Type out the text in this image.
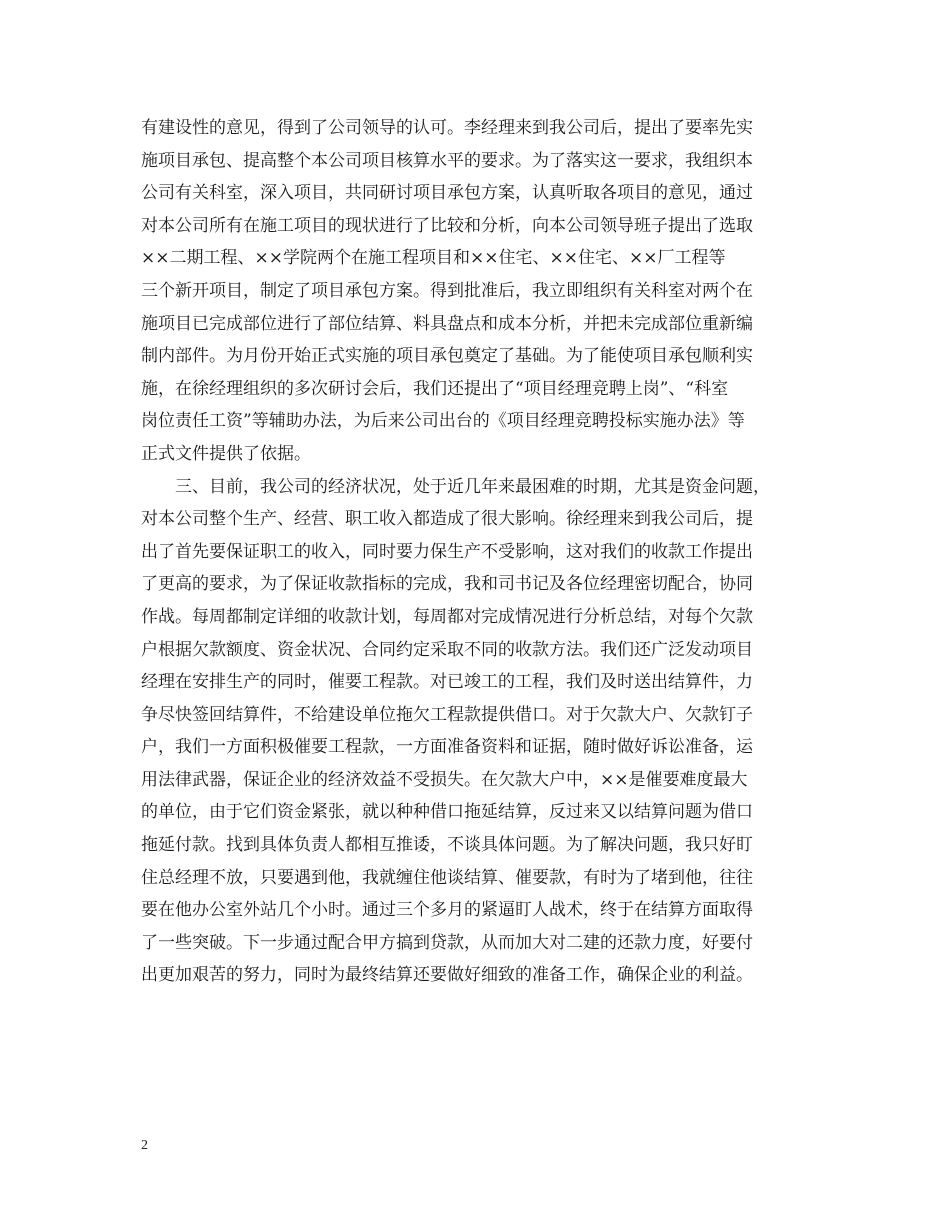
有建设性的意见，得到了公司领导的认可。李经理来到我公司后，提出了要率先实
施项目承包、提高整个本公司项目核算水平的要求。为了落实这一要求，我组织本
公司有关科室，深入项目，共同研讨项目承包方案，认真听取各项目的意见，通过
对本公司所有在施工项目的现状进行了比较和分析，向本公司领导班子提出了选取
××二期工程、××学院两个在施工程项目和××住宅、××住宅、××厂工程等
三个新开项目，制定了项目承包方案。得到批准后，我立即组织有关科室对两个在
施项目已完成部位进行了部位结算、料具盘点和成本分析，并把未完成部位重新编
制内部件。为月份开始正式实施的项目承包奠定了基础。为了能使项目承包顺利实
施，在徐经理组织的多次研讨会后，我们还提出了“项目经理竞聘上岗”、“科室
岗位责任工资”等辅助办法，为后来公司出台的《项目经理竞聘投标实施办法》等
正式文件提供了依据。
三、目前，我公司的经济状况，处于近几年来最困难的时期，尤其是资金问题，
对本公司整个生产、经营、职工收入都造成了很大影响。徐经理来到我公司后，提
出了首先要保证职工的收入，同时要力保生产不受影响，这对我们的收款工作提出
了更高的要求，为了保证收款指标的完成，我和司书记及各位经理密切配合，协同
作战。每周都制定详细的收款计划，每周都对完成情况进行分析总结，对每个欠款
户根据欠款额度、资金状况、合同约定采取不同的收款方法。我们还广泛发动项目
经理在安排生产的同时，催要工程款。对已竣工的工程，我们及时送出结算件，力
争尽快签回结算件，不给建设单位拖欠工程款提供借口。对于欠款大户、欠款钉子
户，我们一方面积极催要工程款，一方面准备资料和证据，随时做好诉讼准备，运
用法律武器，保证企业的经济效益不受损失。在欠款大户中，××是催要难度最大
的单位，由于它们资金紧张，就以种种借口拖延结算，反过来又以结算问题为借口
拖延付款。找到具体负责人都相互推诿，不谈具体问题。为了解决问题，我只好盯
住总经理不放，只要遇到他，我就缠住他谈结算、催要款，有时为了堵到他，往往
要在他办公室外站几个小时。通过三个多月的紧逼盯人战术，终于在结算方面取得
了一些突破。下一步通过配合甲方搞到贷款，从而加大对二建的还款力度，好要付
出更加艰苦的努力，同时为最终结算还要做好细致的准备工作，确保企业的利益。
2
